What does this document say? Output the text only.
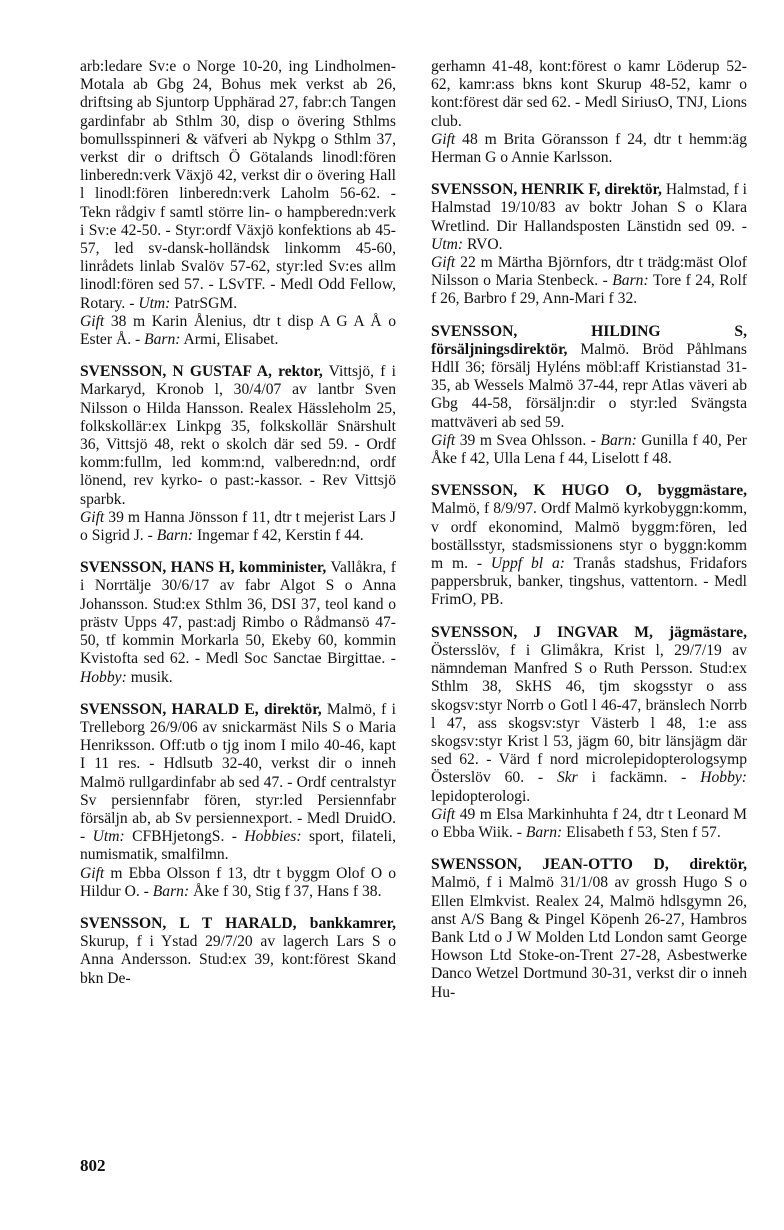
arb:ledare Sv:e o Norge 10-20, ing Lindholmen-Motala ab Gbg 24, Bohus mek verkst ab 26, driftsing ab Sjuntorp Upphärad 27, fabr:ch Tangen gardinfabr ab Sthlm 30, disp o övering Sthlms bomullsspinneri & väfveri ab Nykpg o Sthlm 37, verkst dir o driftsch Ö Götalands linodl:fören linberedn:verk Växjö 42, verkst dir o övering Hall l linodl:fören linberedn:verk Laholm 56-62. - Tekn rådgiv f samtl större lin- o hampberedn:verk i Sv:e 42-50. - Styr:ordf Växjö konfektions ab 45-57, led sv-dansk-holländsk linkomm 45-60, linrådets linlab Svalöv 57-62, styr:led Sv:es allm linodl:fören sed 57. - LSvTF. - Medl Odd Fellow, Rotary. - Utm: PatrSGM.

Gift 38 m Karin Ålenius, dtr t disp A G A Å o Ester Å. - Barn: Armi, Elisabet.

SVENSSON, N GUSTAF A, rektor, Vittsjö, f i Markaryd, Kronob l, 30/4/07 av lantbr Sven Nilsson o Hilda Hansson. Realex Hässleholm 25, folkskollär:ex Linkpg 35, folkskollär Snärshult 36, Vittsjö 48, rekt o skolch där sed 59. - Ordf komm:fullm, led komm:nd, valberedn:nd, ordf lönend, rev kyrko- o past:-kassor. - Rev Vittsjö sparbk.

Gift 39 m Hanna Jönsson f 11, dtr t mejerist Lars J o Sigrid J. - Barn: Ingemar f 42, Kerstin f 44.

SVENSSON, HANS H, komminister, Vallåkra, f i Norrtälje 30/6/17 av fabr Algot S o Anna Johansson. Stud:ex Sthlm 36, DSI 37, teol kand o prästv Upps 47, past:adj Rimbo o Rådmansö 47-50, tf kommin Morkarla 50, Ekeby 60, kommin Kvistofta sed 62. - Medl Soc Sanctae Birgittae. - Hobby: musik.

SVENSSON, HARALD E, direktör, Malmö, f i Trelleborg 26/9/06 av snickarmäst Nils S o Maria Henriksson. Off:utb o tjg inom I milo 40-46, kapt I 11 res. - Hdlsutb 32-40, verkst dir o inneh Malmö rullgardinfabr ab sed 47. - Ordf centralstyr Sv persiennfabr fören, styr:led Persiennfabr försäljn ab, ab Sv persiennexport. - Medl DruidO. - Utm: CFBHjetongS. - Hobbies: sport, filateli, numismatik, smalfilmn.

Gift m Ebba Olsson f 13, dtr t byggm Olof O o Hildur O. - Barn: Åke f 30, Stig f 37, Hans f 38.

SVENSSON, L T HARALD, bankkamrer, Skurup, f i Ystad 29/7/20 av lagerch Lars S o Anna Andersson. Stud:ex 39, kont:förest Skand bkn De-

gerhamn 41-48, kont:förest o kamr Löderup 52-62, kamr:ass bkns kont Skurup 48-52, kamr o kont:förest där sed 62. - Medl SiriusO, TNJ, Lions club.

Gift 48 m Brita Göransson f 24, dtr t hemm:äg Herman G o Annie Karlsson.

SVENSSON, HENRIK F, direktör, Halmstad, f i Halmstad 19/10/83 av boktr Johan S o Klara Wretlind. Dir Hallandsposten Länstidn sed 09. - Utm: RVO.

Gift 22 m Märtha Björnfors, dtr t trädg:mäst Olof Nilsson o Maria Stenbeck. - Barn: Tore f 24, Rolf f 26, Barbro f 29, Ann-Mari f 32.

SVENSSON, HILDING S, försäljningsdirektör, Malmö. Bröd Påhlmans HdlI 36; försälj Hyléns möbl:aff Kristianstad 31-35, ab Wessels Malmö 37-44, repr Atlas väveri ab Gbg 44-58, försäljn:dir o styr:led Svängsta mattväveri ab sed 59.

Gift 39 m Svea Ohlsson. - Barn: Gunilla f 40, Per Åke f 42, Ulla Lena f 44, Liselott f 48.

SVENSSON, K HUGO O, byggmästare, Malmö, f 8/9/97. Ordf Malmö kyrkobyggn:komm, v ordf ekonomind, Malmö byggm:fören, led boställsstyr, stadsmissionens styr o byggn:komm m m. - Uppf bl a: Tranås stadshus, Fridafors pappersbruk, banker, tingshus, vattentorn. - Medl FrimO, PB.

SVENSSON, J INGVAR M, jägmästare, Östersslöv, f i Glimåkra, Krist l, 29/7/19 av nämndeman Manfred S o Ruth Persson. Stud:ex Sthlm 38, SkHS 46, tjm skogsstyr o ass skogsv:styr Norrb o Gotl l 46-47, bränslech Norrb l 47, ass skogsv:styr Västerb l 48, 1:e ass skogsv:styr Krist l 53, jägm 60, bitr länsjägm där sed 62. - Värd f nord microlepidopterologsymp Österslöv 60. - Skr i fackämn. - Hobby: lepidopterologi.

Gift 49 m Elsa Markinhuhta f 24, dtr t Leonard M o Ebba Wiik. - Barn: Elisabeth f 53, Sten f 57.

SWENSSON, JEAN-OTTO D, direktör, Malmö, f i Malmö 31/1/08 av grossh Hugo S o Ellen Elmkvist. Realex 24, Malmö hdlsgymn 26, anst A/S Bang & Pingel Köpenh 26-27, Hambros Bank Ltd o J W Molden Ltd London samt George Howson Ltd Stoke-on-Trent 27-28, Asbestwerke Danco Wetzel Dortmund 30-31, verkst dir o inneh Hu-

802
